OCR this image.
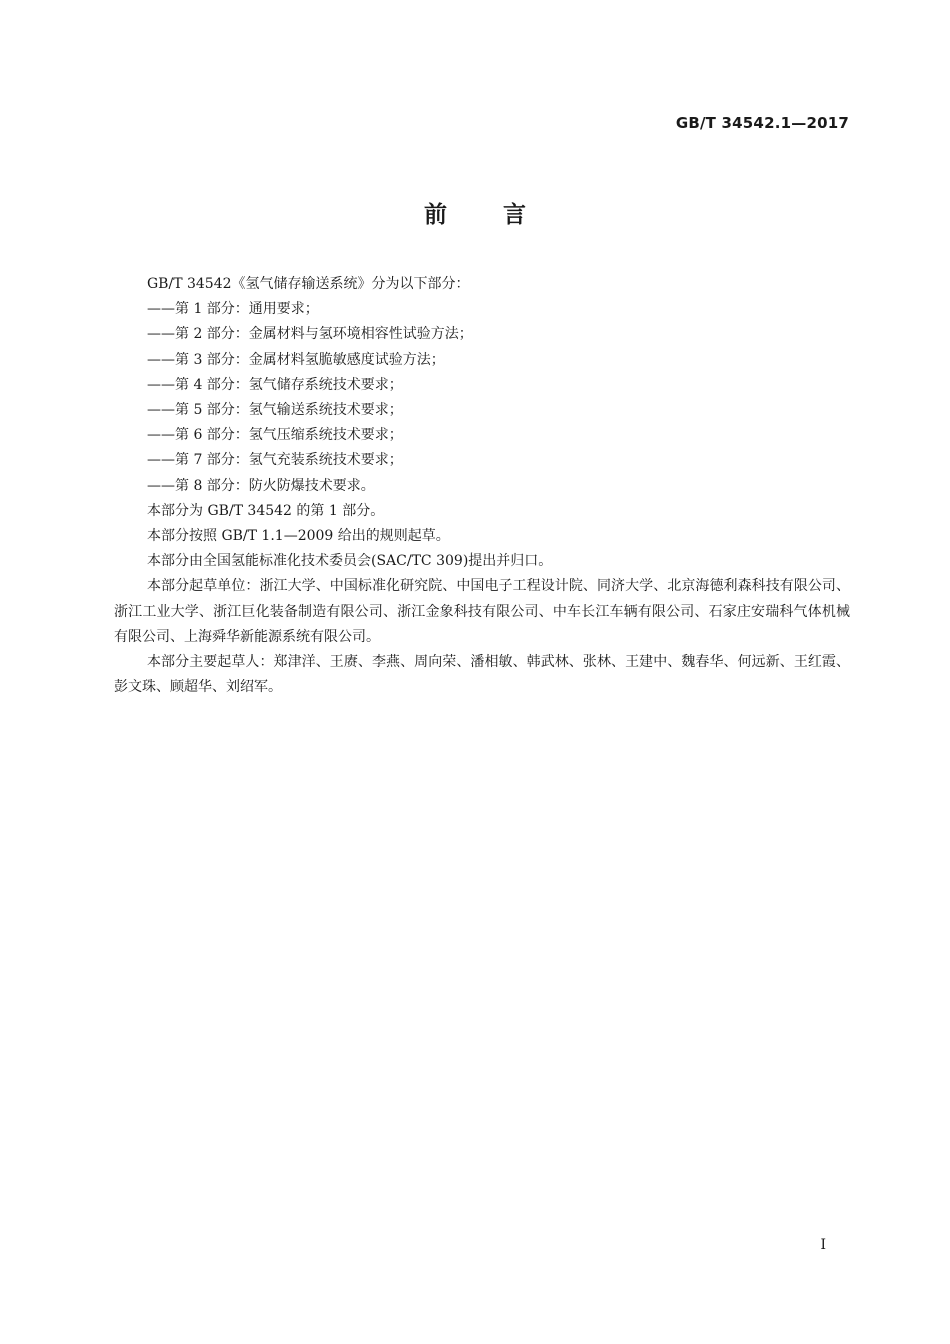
GB/T 34542.1—2017
前言

GB/T 34542《氢气储存输送系统》分为以下部分：

——第 1 部分：通用要求；

——第 2 部分：金属材料与氢环境相容性试验方法；

——第 3 部分：金属材料氢脆敏感度试验方法；

——第 4 部分：氢气储存系统技术要求；

——第 5 部分：氢气输送系统技术要求；

——第 6 部分：氢气压缩系统技术要求；

——第 7 部分：氢气充装系统技术要求；

——第 8 部分：防火防爆技术要求。

本部分为 GB/T 34542 的第 1 部分。

本部分按照 GB/T 1.1—2009 给出的规则起草。

本部分由全国氢能标准化技术委员会(SAC/TC 309)提出并归口。

本部分起草单位：浙江大学、中国标准化研究院、中国电子工程设计院、同济大学、北京海德利森科技有限公司、浙江工业大学、浙江巨化装备制造有限公司、浙江金象科技有限公司、中车长江车辆有限公司、石家庄安瑞科气体机械有限公司、上海舜华新能源系统有限公司。

本部分主要起草人：郑津洋、王赓、李燕、周向荣、潘相敏、韩武林、张林、王建中、魏春华、何远新、王红霞、彭文珠、顾超华、刘绍军。

I
